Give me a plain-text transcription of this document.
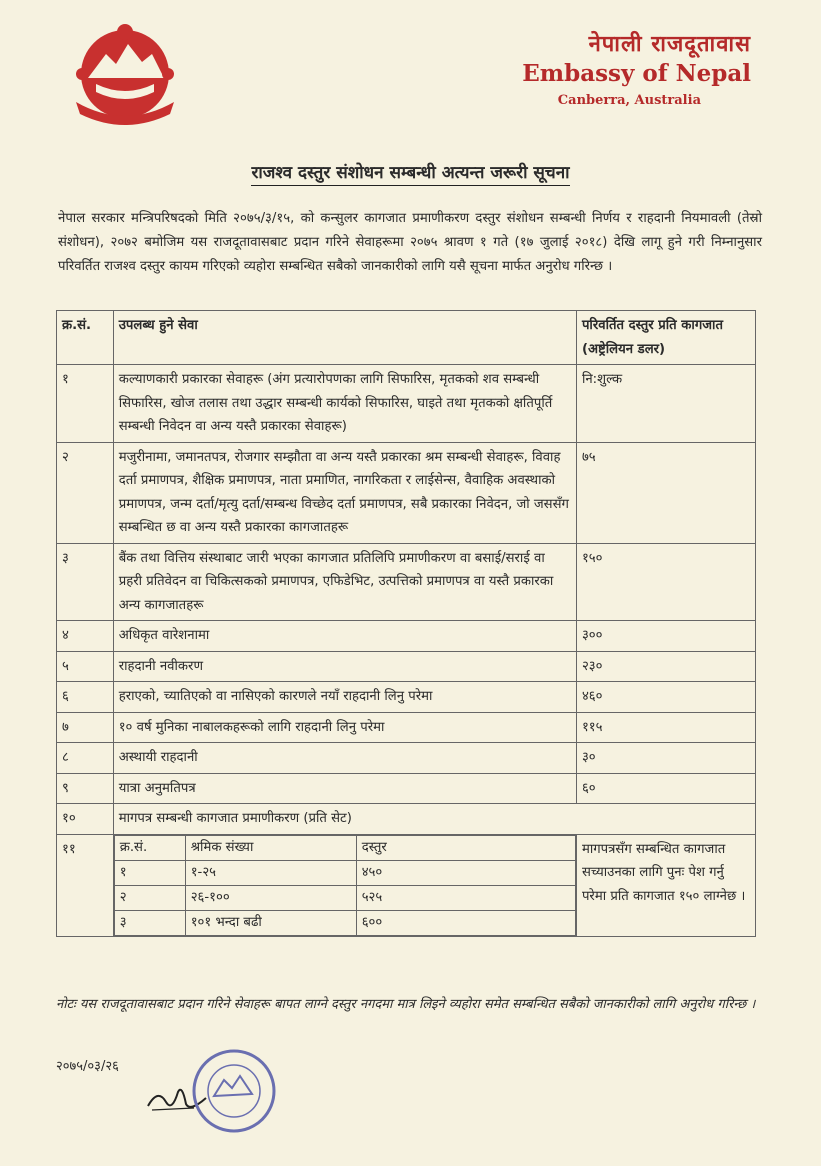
नेपाली राजदूतावास
Embassy of Nepal
Canberra, Australia
राजश्व दस्तुर संशोधन सम्बन्धी अत्यन्त जरूरी सूचना
नेपाल सरकार मन्त्रिपरिषदको मिति २०७५/३/१५, को कन्सुलर कागजात प्रमाणीकरण दस्तुर संशोधन सम्बन्धी निर्णय र राहदानी नियमावली (तेस्रो संशोधन), २०७२ बमोजिम यस राजदूतावासबाट प्रदान गरिने सेवाहरूमा २०७५ श्रावण १ गते (१७ जुलाई २०१८) देखि लागू हुने गरी निम्नानुसार परिवर्तित राजश्व दस्तुर कायम गरिएको व्यहोरा सम्बन्धित सबैको जानकारीको लागि यसै सूचना मार्फत अनुरोध गरिन्छ ।
क्र.सं.	उपलब्ध हुने सेवा	परिवर्तित दस्तुर प्रति कागजात (अष्ट्रेलियन डलर)
१	कल्याणकारी प्रकारका सेवाहरू (अंग प्रत्यारोपणका लागि सिफारिस, मृतकको शव सम्बन्धी सिफारिस, खोज तलास तथा उद्धार सम्बन्धी कार्यको सिफारिस, घाइते तथा मृतकको क्षतिपूर्ति सम्बन्धी निवेदन वा अन्य यस्तै प्रकारका सेवाहरू)	नि:शुल्क
२	मजुरीनामा, जमानतपत्र, रोजगार सम्झौता वा अन्य यस्तै प्रकारका श्रम सम्बन्धी सेवाहरू, विवाह दर्ता प्रमाणपत्र, शैक्षिक प्रमाणपत्र, नाता प्रमाणित, नागरिकता र लाईसेन्स, वैवाहिक अवस्थाको प्रमाणपत्र, जन्म दर्ता/मृत्यु दर्ता/सम्बन्ध विच्छेद दर्ता प्रमाणपत्र, सबै प्रकारका निवेदन, जो जससँग सम्बन्धित छ वा अन्य यस्तै प्रकारका कागजातहरू	७५
३	बैंक तथा वित्तिय संस्थाबाट जारी भएका कागजात प्रतिलिपि प्रमाणीकरण वा बसाई/सराई वा प्रहरी प्रतिवेदन वा चिकित्सकको प्रमाणपत्र, एफिडेभिट, उत्पत्तिको प्रमाणपत्र वा यस्तै प्रकारका अन्य कागजातहरू	१५०
४	अधिकृत वारेशनामा	३००
५	राहदानी नवीकरण	२३०
६	हराएको, च्यातिएको वा नासिएको कारणले नयाँ राहदानी लिनु परेमा	४६०
७	१० वर्ष मुनिका नाबालकहरूको लागि राहदानी लिनु परेमा	११५
८	अस्थायी राहदानी	३०
९	यात्रा अनुमतिपत्र	६०
१०	मागपत्र सम्बन्धी कागजात प्रमाणीकरण (प्रति सेट)
११		क्र.सं.	श्रमिक संख्या	दस्तुर
१	१-२५	४५०
२	२६-१००	५२५
३	१०१ भन्दा बढी	६००
	मागपत्रसँग सम्बन्धित कागजात सच्याउनका लागि पुनः पेश गर्नु परेमा प्रति कागजात १५० लाग्नेछ ।
नोटः यस राजदूतावासबाट प्रदान गरिने सेवाहरू बापत लाग्ने दस्तुर नगदमा मात्र लिइने व्यहोरा समेत सम्बन्धित सबैको जानकारीको लागि अनुरोध गरिन्छ ।
२०७५/०३/२६
